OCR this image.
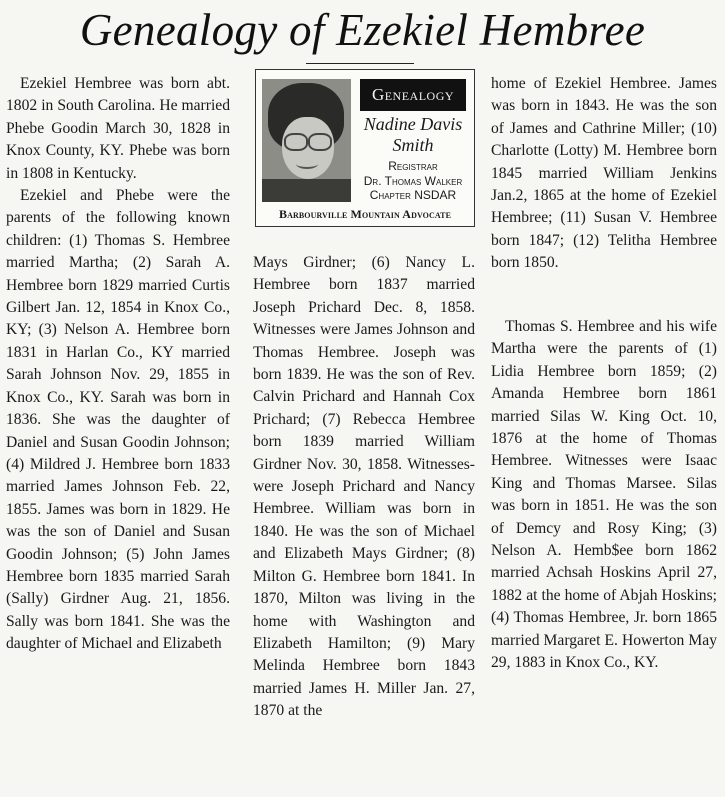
Genealogy of Ezekiel Hembree

Ezekiel Hembree was born abt. 1802 in South Carolina. He married Phebe Goodin March 30, 1828 in Knox County, KY. Phebe was born in 1808 in Kentucky.

Ezekiel and Phebe were the parents of the following known children: (1) Thomas S. Hembree married Martha; (2) Sarah A. Hembree born 1829 married Curtis Gilbert Jan. 12, 1854 in Knox Co., KY; (3) Nelson A. Hembree born 1831 in Harlan Co., KY married Sarah Johnson Nov. 29, 1855 in Knox Co., KY. Sarah was born in 1836. She was the daughter of Daniel and Susan Goodin Johnson; (4) Mildred J. Hembree born 1833 married James Johnson Feb. 22, 1855. James was born in 1829. He was the son of Daniel and Susan Goodin Johnson; (5) John James Hembree born 1835 married Sarah (Sally) Girdner Aug. 21, 1856. Sally was born 1841. She was the daughter of Michael and Elizabeth

Genealogy
Nadine Davis Smith
Registrar
Dr. Thomas Walker
Chapter NSDAR
Barbourville Mountain Advocate

Mays Girdner; (6) Nancy L. Hembree born 1837 married Joseph Prichard Dec. 8, 1858. Witnesses were James Johnson and Thomas Hembree. Joseph was born 1839. He was the son of Rev. Calvin Prichard and Hannah Cox Prichard; (7) Rebecca Hembree born 1839 married William Girdner Nov. 30, 1858. Witnesses-were Joseph Prichard and Nancy Hembree. William was born in 1840. He was the son of Michael and Elizabeth Mays Girdner; (8) Milton G. Hembree born 1841. In 1870, Milton was living in the home with Washington and Elizabeth Hamilton; (9) Mary Melinda Hembree born 1843 married James H. Miller Jan. 27, 1870 at the

home of Ezekiel Hembree. James was born in 1843. He was the son of James and Cathrine Miller; (10) Charlotte (Lotty) M. Hembree born 1845 married William Jenkins Jan.2, 1865 at the home of Ezekiel Hembree; (11) Susan V. Hembree born 1847; (12) Telitha Hembree born 1850.

Thomas S. Hembree and his wife Martha were the parents of (1) Lidia Hembree born 1859; (2) Amanda Hembree born 1861 married Silas W. King Oct. 10, 1876 at the home of Thomas Hembree. Witnesses were Isaac King and Thomas Marsee. Silas was born in 1851. He was the son of Demcy and Rosy King; (3) Nelson A. Hemb$ee born 1862 married Achsah Hoskins April 27, 1882 at the home of Abjah Hoskins; (4) Thomas Hembree, Jr. born 1865 married Margaret E. Howerton May 29, 1883 in Knox Co., KY.
